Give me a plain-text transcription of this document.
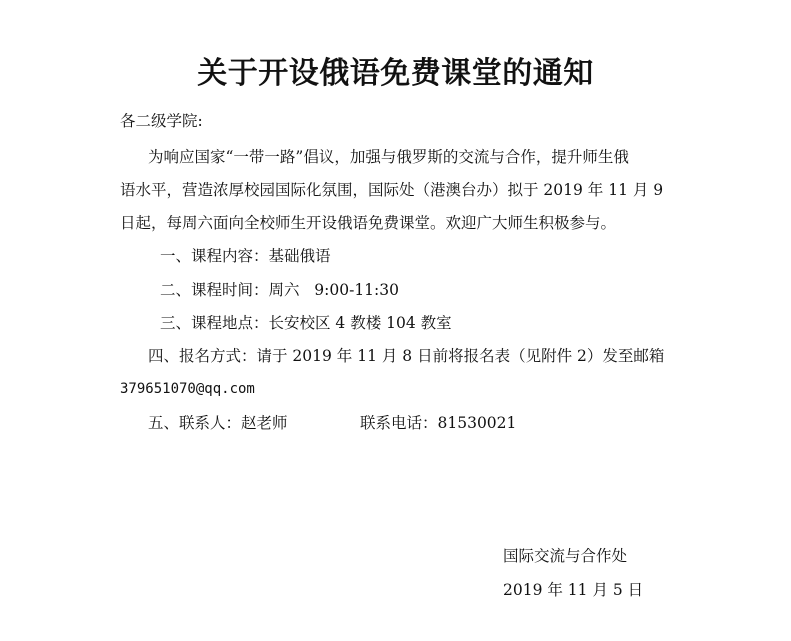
关于开设俄语免费课堂的通知
各二级学院:
为响应国家“一带一路”倡议，加强与俄罗斯的交流与合作，提升师生俄
语水平，营造浓厚校园国际化氛围，国际处（港澳台办）拟于 2019 年 11 月 9
日起，每周六面向全校师生开设俄语免费课堂。欢迎广大师生积极参与。
一、课程内容：基础俄语
二、课程时间：周六   9:00-11:30
三、课程地点：长安校区 4 教楼 104 教室
四、报名方式：请于 2019 年 11 月 8 日前将报名表（见附件 2）发至邮箱
379651070@qq.com
五、联系人：赵老师	联系电话：81530021
国际交流与合作处
2019 年 11 月 5 日
